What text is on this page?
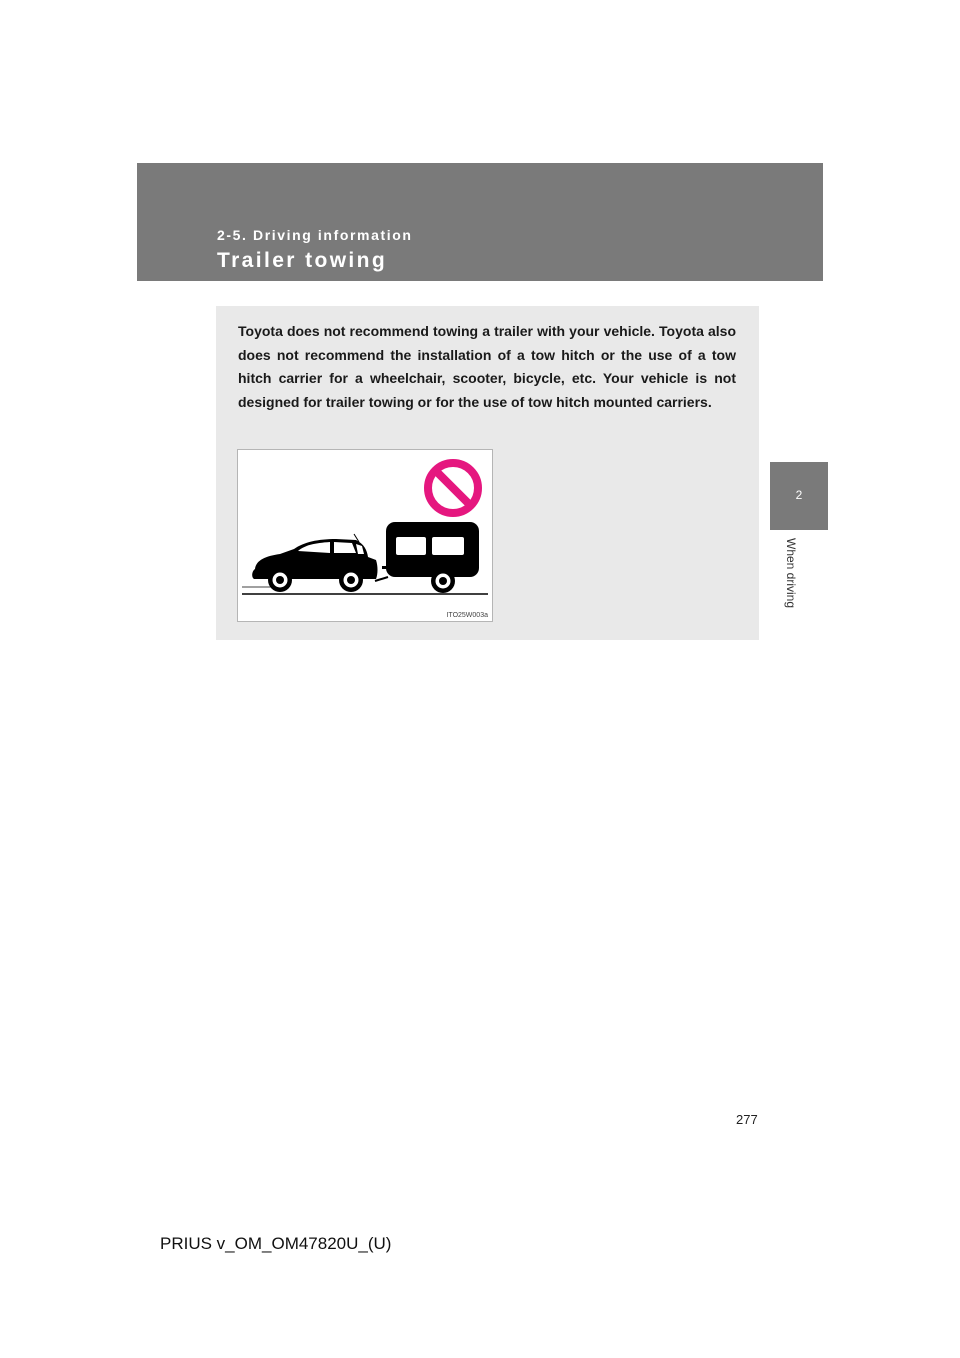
2-5. Driving information
Trailer towing
2
When driving
Toyota does not recommend towing a trailer with your vehicle. Toyota also does not recommend the installation of a tow hitch or the use of a tow hitch carrier for a wheelchair, scooter, bicycle, etc. Your vehicle is not designed for trailer towing or for the use of tow hitch mounted carriers.
ITO25W003a
277
PRIUS v_OM_OM47820U_(U)
